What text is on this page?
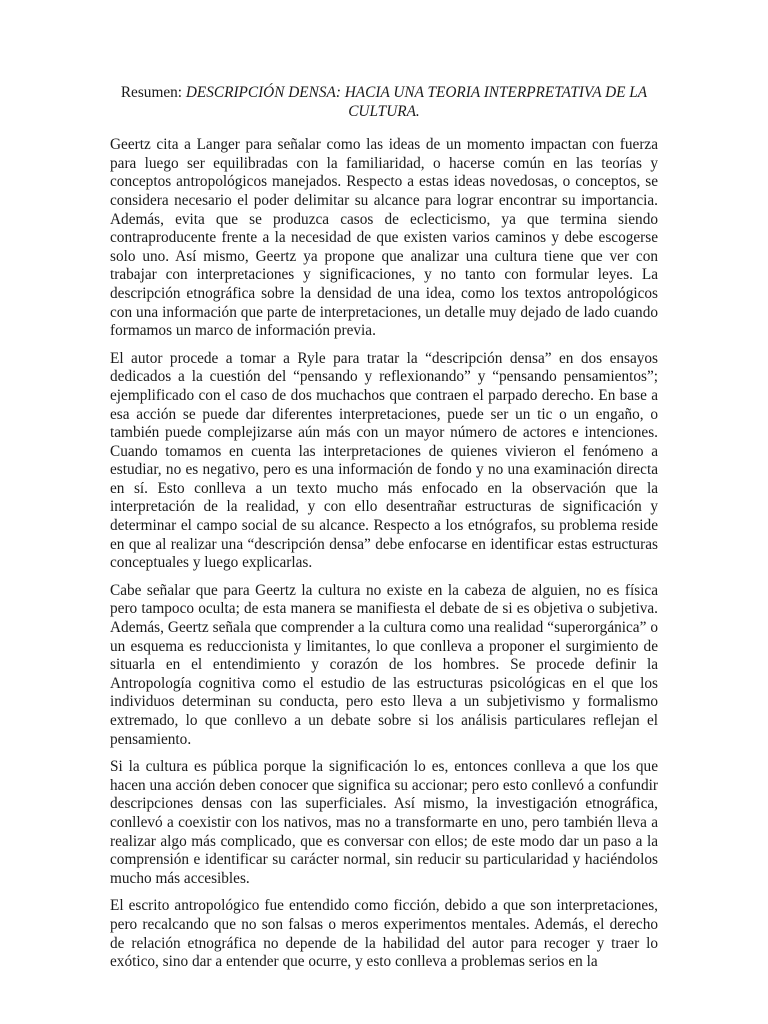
Resumen: DESCRIPCIÓN DENSA: HACIA UNA TEORIA INTERPRETATIVA DE LA CULTURA.

Geertz cita a Langer para señalar como las ideas de un momento impactan con fuerza para luego ser equilibradas con la familiaridad, o hacerse común en las teorías y conceptos antropológicos manejados. Respecto a estas ideas novedosas, o conceptos, se considera necesario el poder delimitar su alcance para lograr encontrar su importancia. Además, evita que se produzca casos de eclecticismo, ya que termina siendo contraproducente frente a la necesidad de que existen varios caminos y debe escogerse solo uno. Así mismo, Geertz ya propone que analizar una cultura tiene que ver con trabajar con interpretaciones y significaciones, y no tanto con formular leyes. La descripción etnográfica sobre la densidad de una idea, como los textos antropológicos con una información que parte de interpretaciones, un detalle muy dejado de lado cuando formamos un marco de información previa.

El autor procede a tomar a Ryle para tratar la “descripción densa” en dos ensayos dedicados a la cuestión del “pensando y reflexionando” y “pensando pensamientos”; ejemplificado con el caso de dos muchachos que contraen el parpado derecho. En base a esa acción se puede dar diferentes interpretaciones, puede ser un tic o un engaño, o también puede complejizarse aún más con un mayor número de actores e intenciones. Cuando tomamos en cuenta las interpretaciones de quienes vivieron el fenómeno a estudiar, no es negativo, pero es una información de fondo y no una examinación directa en sí. Esto conlleva a un texto mucho más enfocado en la observación que la interpretación de la realidad, y con ello desentrañar estructuras de significación y determinar el campo social de su alcance. Respecto a los etnógrafos, su problema reside en que al realizar una “descripción densa” debe enfocarse en identificar estas estructuras conceptuales y luego explicarlas.

Cabe señalar que para Geertz la cultura no existe en la cabeza de alguien, no es física pero tampoco oculta; de esta manera se manifiesta el debate de si es objetiva o subjetiva. Además, Geertz señala que comprender a la cultura como una realidad “superorgánica” o un esquema es reduccionista y limitantes, lo que conlleva a proponer el surgimiento de situarla en el entendimiento y corazón de los hombres. Se procede definir la Antropología cognitiva como el estudio de las estructuras psicológicas en el que los individuos determinan su conducta, pero esto lleva a un subjetivismo y formalismo extremado, lo que conllevo a un debate sobre si los análisis particulares reflejan el pensamiento.

Si la cultura es pública porque la significación lo es, entonces conlleva a que los que hacen una acción deben conocer que significa su accionar; pero esto conllevó a confundir descripciones densas con las superficiales. Así mismo, la investigación etnográfica, conllevó a coexistir con los nativos, mas no a transformarte en uno, pero también lleva a realizar algo más complicado, que es conversar con ellos; de este modo dar un paso a la comprensión e identificar su carácter normal, sin reducir su particularidad y haciéndolos mucho más accesibles.

El escrito antropológico fue entendido como ficción, debido a que son interpretaciones, pero recalcando que no son falsas o meros experimentos mentales. Además, el derecho de relación etnográfica no depende de la habilidad del autor para recoger y traer lo exótico, sino dar a entender que ocurre, y esto conlleva a problemas serios en la
